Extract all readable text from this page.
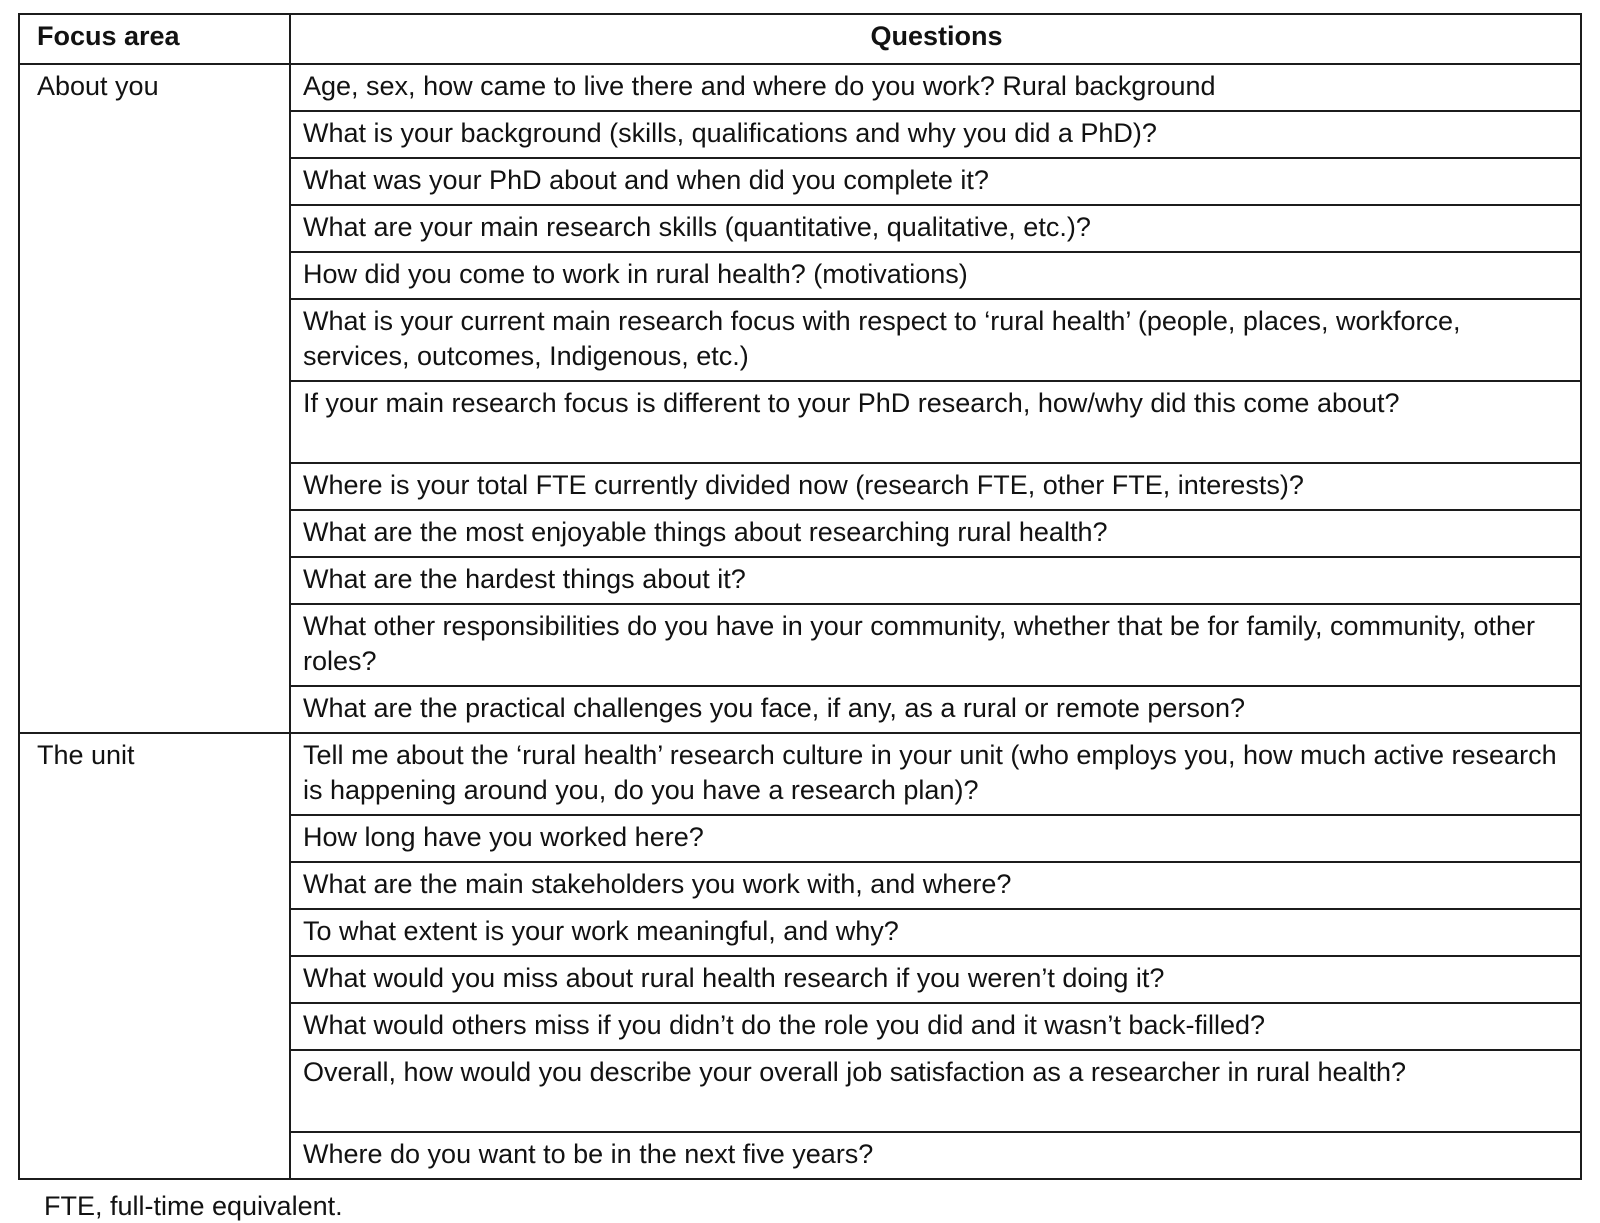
Focus area	Questions
About you	Age, sex, how came to live there and where do you work? Rural background
	What is your background (skills, qualifications and why you did a PhD)?
	What was your PhD about and when did you complete it?
	What are your main research skills (quantitative, qualitative, etc.)?
	How did you come to work in rural health? (motivations)
	What is your current main research focus with respect to ‘rural health’ (people, places, workforce, services, outcomes, Indigenous, etc.)
	If your main research focus is different to your PhD research, how/why did this come about?
	Where is your total FTE currently divided now (research FTE, other FTE, interests)?
	What are the most enjoyable things about researching rural health?
	What are the hardest things about it?
	What other responsibilities do you have in your community, whether that be for family, community, other roles?
	What are the practical challenges you face, if any, as a rural or remote person?
The unit	Tell me about the ‘rural health’ research culture in your unit (who employs you, how much active research is happening around you, do you have a research plan)?
	How long have you worked here?
	What are the main stakeholders you work with, and where?
	To what extent is your work meaningful, and why?
	What would you miss about rural health research if you weren’t doing it?
	What would others miss if you didn’t do the role you did and it wasn’t back-filled?
	Overall, how would you describe your overall job satisfaction as a researcher in rural health?
	Where do you want to be in the next five years?
FTE, full-time equivalent.
